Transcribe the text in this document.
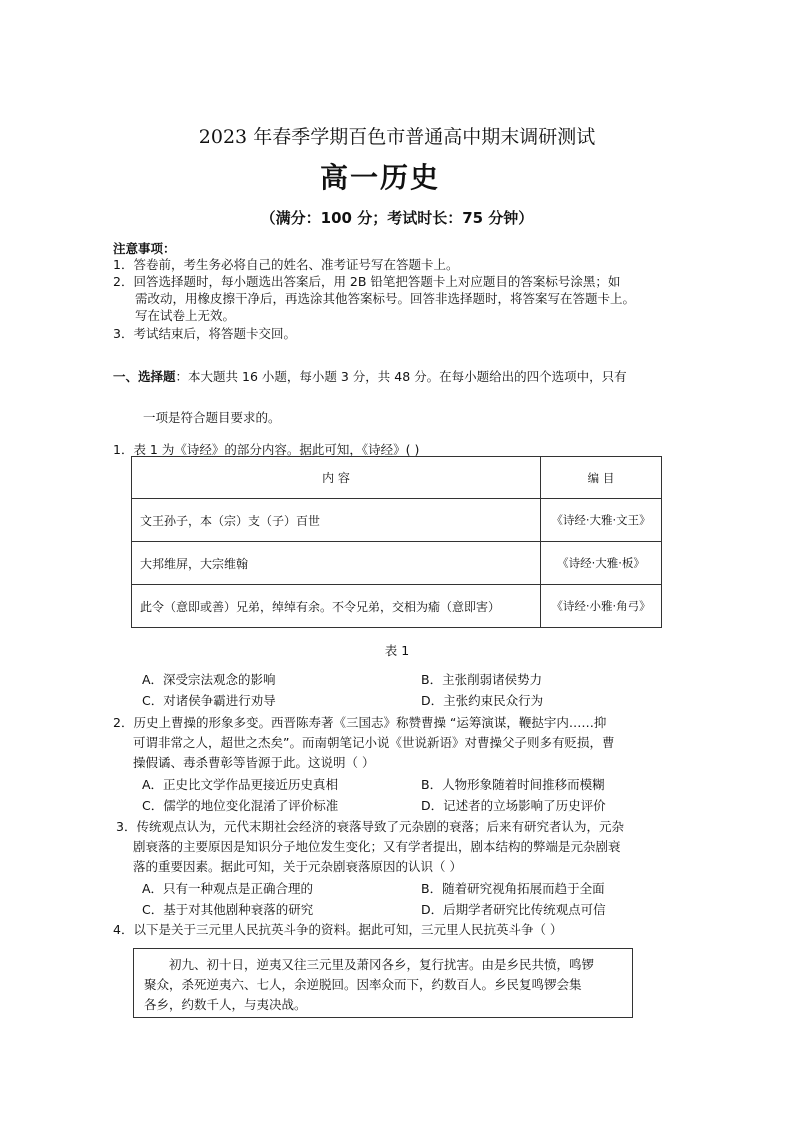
2023 年春季学期百色市普通高中期末调研测试
高一历史
（满分：100 分；考试时长：75 分钟）
注意事项：
1．答卷前，考生务必将自己的姓名、准考证号写在答题卡上。
2．回答选择题时，每小题选出答案后，用 2B 铅笔把答题卡上对应题目的答案标号涂黑；如
需改动，用橡皮擦干净后，再选涂其他答案标号。回答非选择题时，将答案写在答题卡上。
写在试卷上无效。
3．考试结束后，将答题卡交回。
一、选择题：本大题共 16 小题，每小题 3 分，共 48 分。在每小题给出的四个选项中，只有
一项是符合题目要求的。
1．表 1 为《诗经》的部分内容。据此可知，《诗经》( )
内 容	编 目
文王孙子，本（宗）支（子）百世	《诗经·大雅·文王》
大邦维屏，大宗维翰	《诗经·大雅·板》
此令（意即或善）兄弟，绰绰有余。不令兄弟，交相为瘉（意即害）	《诗经·小雅·角弓》
表 1
A．深受宗法观念的影响	B．主张削弱诸侯势力
C．对诸侯争霸进行劝导	D．主张约束民众行为
2．历史上曹操的形象多变。西晋陈寿著《三国志》称赞曹操 “运筹演谋，鞭挞宇内……抑
可谓非常之人，超世之杰矣”。而南朝笔记小说《世说新语》对曹操父子则多有贬损，曹
操假谲、毒杀曹彰等皆源于此。这说明（ ）
A．正史比文学作品更接近历史真相	B．人物形象随着时间推移而模糊
C．儒学的地位变化混淆了评价标准	D．记述者的立场影响了历史评价
3．传统观点认为，元代末期社会经济的衰落导致了元杂剧的衰落；后来有研究者认为，元杂
剧衰落的主要原因是知识分子地位发生变化；又有学者提出，剧本结构的弊端是元杂剧衰
落的重要因素。据此可知，关于元杂剧衰落原因的认识（ ）
A．只有一种观点是正确合理的	B．随着研究视角拓展而趋于全面
C．基于对其他剧种衰落的研究	D．后期学者研究比传统观点可信
4．以下是关于三元里人民抗英斗争的资料。据此可知，三元里人民抗英斗争（ ）
初九、初十日，逆夷又往三元里及萧冈各乡，复行扰害。由是乡民共愤，鸣锣
聚众，杀死逆夷六、七人，余逆脱回。因率众而下，约数百人。乡民复鸣锣会集
各乡，约数千人，与夷决战。
